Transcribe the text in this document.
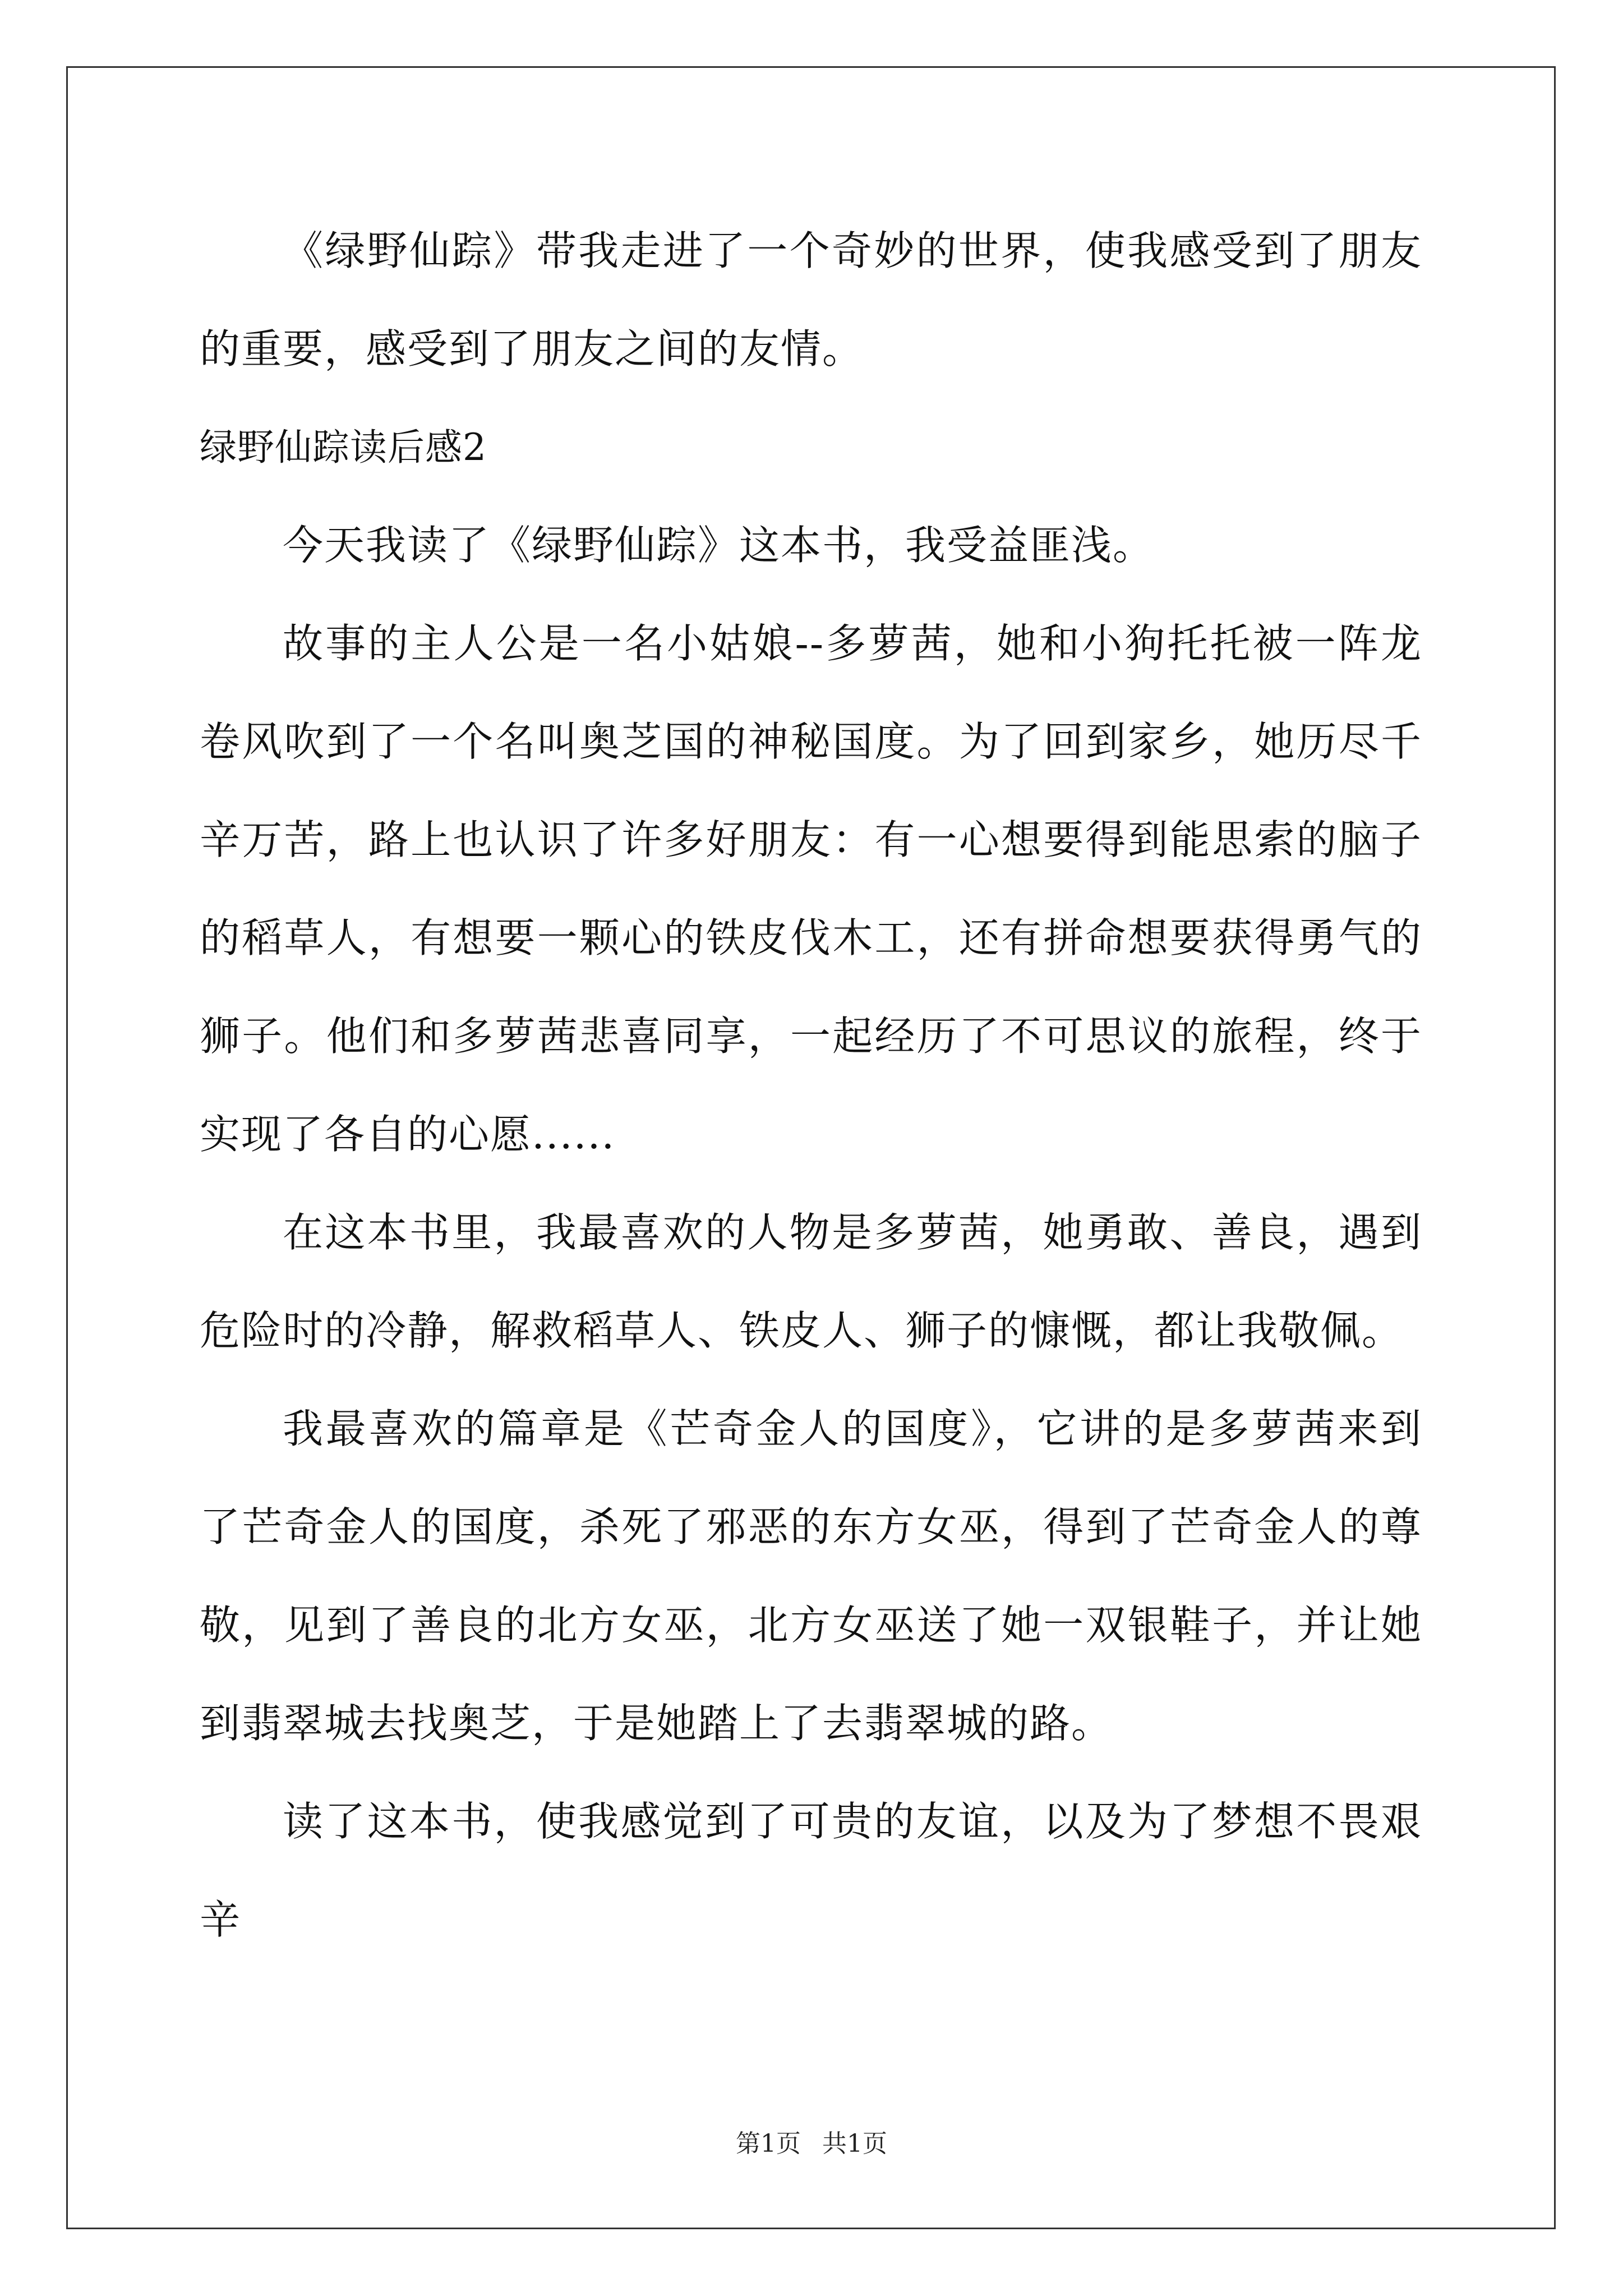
《绿野仙踪》带我走进了一个奇妙的世界，使我感受到了朋友的重要，感受到了朋友之间的友情。

绿野仙踪读后感2

今天我读了《绿野仙踪》这本书，我受益匪浅。

故事的主人公是一名小姑娘--多萝茜，她和小狗托托被一阵龙卷风吹到了一个名叫奥芝国的神秘国度。为了回到家乡，她历尽千辛万苦，路上也认识了许多好朋友：有一心想要得到能思索的脑子的稻草人，有想要一颗心的铁皮伐木工，还有拼命想要获得勇气的狮子。他们和多萝茜悲喜同享，一起经历了不可思议的旅程，终于实现了各自的心愿......

在这本书里，我最喜欢的人物是多萝茜，她勇敢、善良，遇到危险时的冷静，解救稻草人、铁皮人、狮子的慷慨，都让我敬佩。

我最喜欢的篇章是《芒奇金人的国度》，它讲的是多萝茜来到了芒奇金人的国度，杀死了邪恶的东方女巫，得到了芒奇金人的尊敬，见到了善良的北方女巫，北方女巫送了她一双银鞋子，并让她到翡翠城去找奥芝，于是她踏上了去翡翠城的路。

读了这本书，使我感觉到了可贵的友谊，以及为了梦想不畏艰辛

第1页 共1页
